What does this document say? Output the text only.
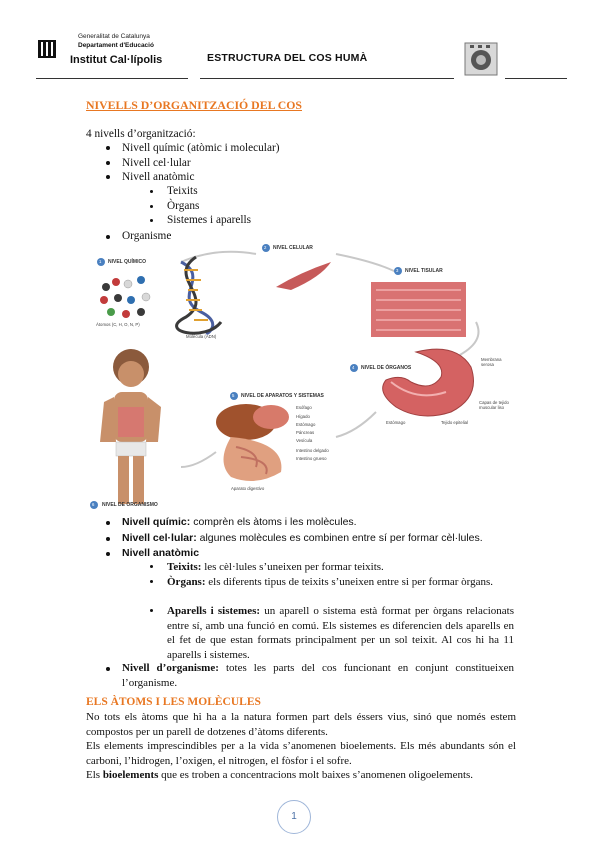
Generalitat de Catalunya
Departament d'Educació
Institut Cal·lípolis	ESTRUCTURA DEL COS HUMÀ
NIVELLS D’ORGANITZACIÓ DEL COS
4 nivells d’organització:
Nivell químic (atòmic i molecular)
Nivell cel·lular
Nivell anatòmic
Teixits
Òrgans
Sistemes i aparells
Organisme
NIVEL QUÍMICO
Átomos (C, H, O, N, P)
Molécula (ADN)
NIVEL CELULAR
NIVEL TISULAR
NIVEL DE ÓRGANOS
Membrana serosa
Capas de tejido muscular liso
Estómago	Tejido epitelial
NIVEL DE APARATOS Y SISTEMAS
Esófago
Hígado
Estómago
Páncreas
Vesícula
Intestino delgado
Intestino grueso
Aparato digestivo
NIVEL DE ORGANISMO
1
2
3
4
5
6
Nivell químic: comprèn els àtoms i les molècules.
Nivell cel·lular: algunes molècules es combinen entre sí per formar cèl·lules.
Nivell anatòmic
Teixits: les cèl·lules s’uneixen per formar teixits.
Òrgans: els diferents tipus de teixits s’uneixen entre si per formar òrgans.
Aparells i sistemes: un aparell o sistema està format per òrgans relacionats entre sí, amb una funció en comú. Els sistemes es diferencien dels aparells en el fet de que estan formats principalment per un sol teixit. Al cos hi ha 11 aparells i sistemes.
Nivell d’organisme: totes les parts del cos funcionant en conjunt constitueixen l’organisme.
ELS ÀTOMS I LES MOLÈCULES
No tots els àtoms que hi ha a la natura formen part dels éssers vius, sinó que només estem compostos per un parell de dotzenes d’àtoms diferents.
Els elements imprescindibles per a la vida s’anomenen bioelements. Els més abundants són el carboni, l’hidrogen, l’oxigen, el nitrogen, el fòsfor i el sofre.
Els bioelements que es troben a concentracions molt baixes s’anomenen oligoelements.
1
